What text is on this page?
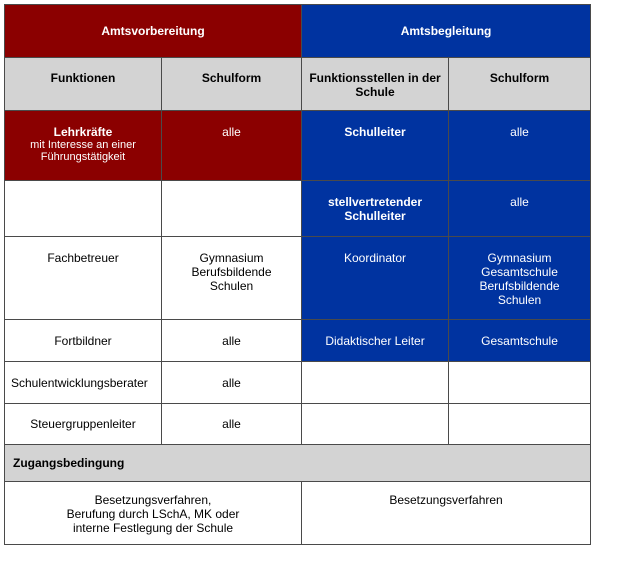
Amtsvorbereitung		Amtsbegleitung	
Funktionen	Schulform	Funktionsstellen in der Schule	Schulform
Lehrkräfte
mit Interesse an einer Führungstätigkeit	alle	Schulleiter	alle
		stellvertretender Schulleiter	alle
Fachbetreuer	Gymnasium Berufsbildende Schulen	Koordinator	Gymnasium Gesamtschule Berufsbildende Schulen
Fortbildner	alle	Didaktischer Leiter	Gesamtschule
Schulentwicklungsberater	alle		
Steuergruppenleiter	alle		
Zugangsbedingung			

Besetzungsverfahren,
Berufung durch LSchA, MK oder
interne Festlegung der Schule		Besetzungsverfahren	
